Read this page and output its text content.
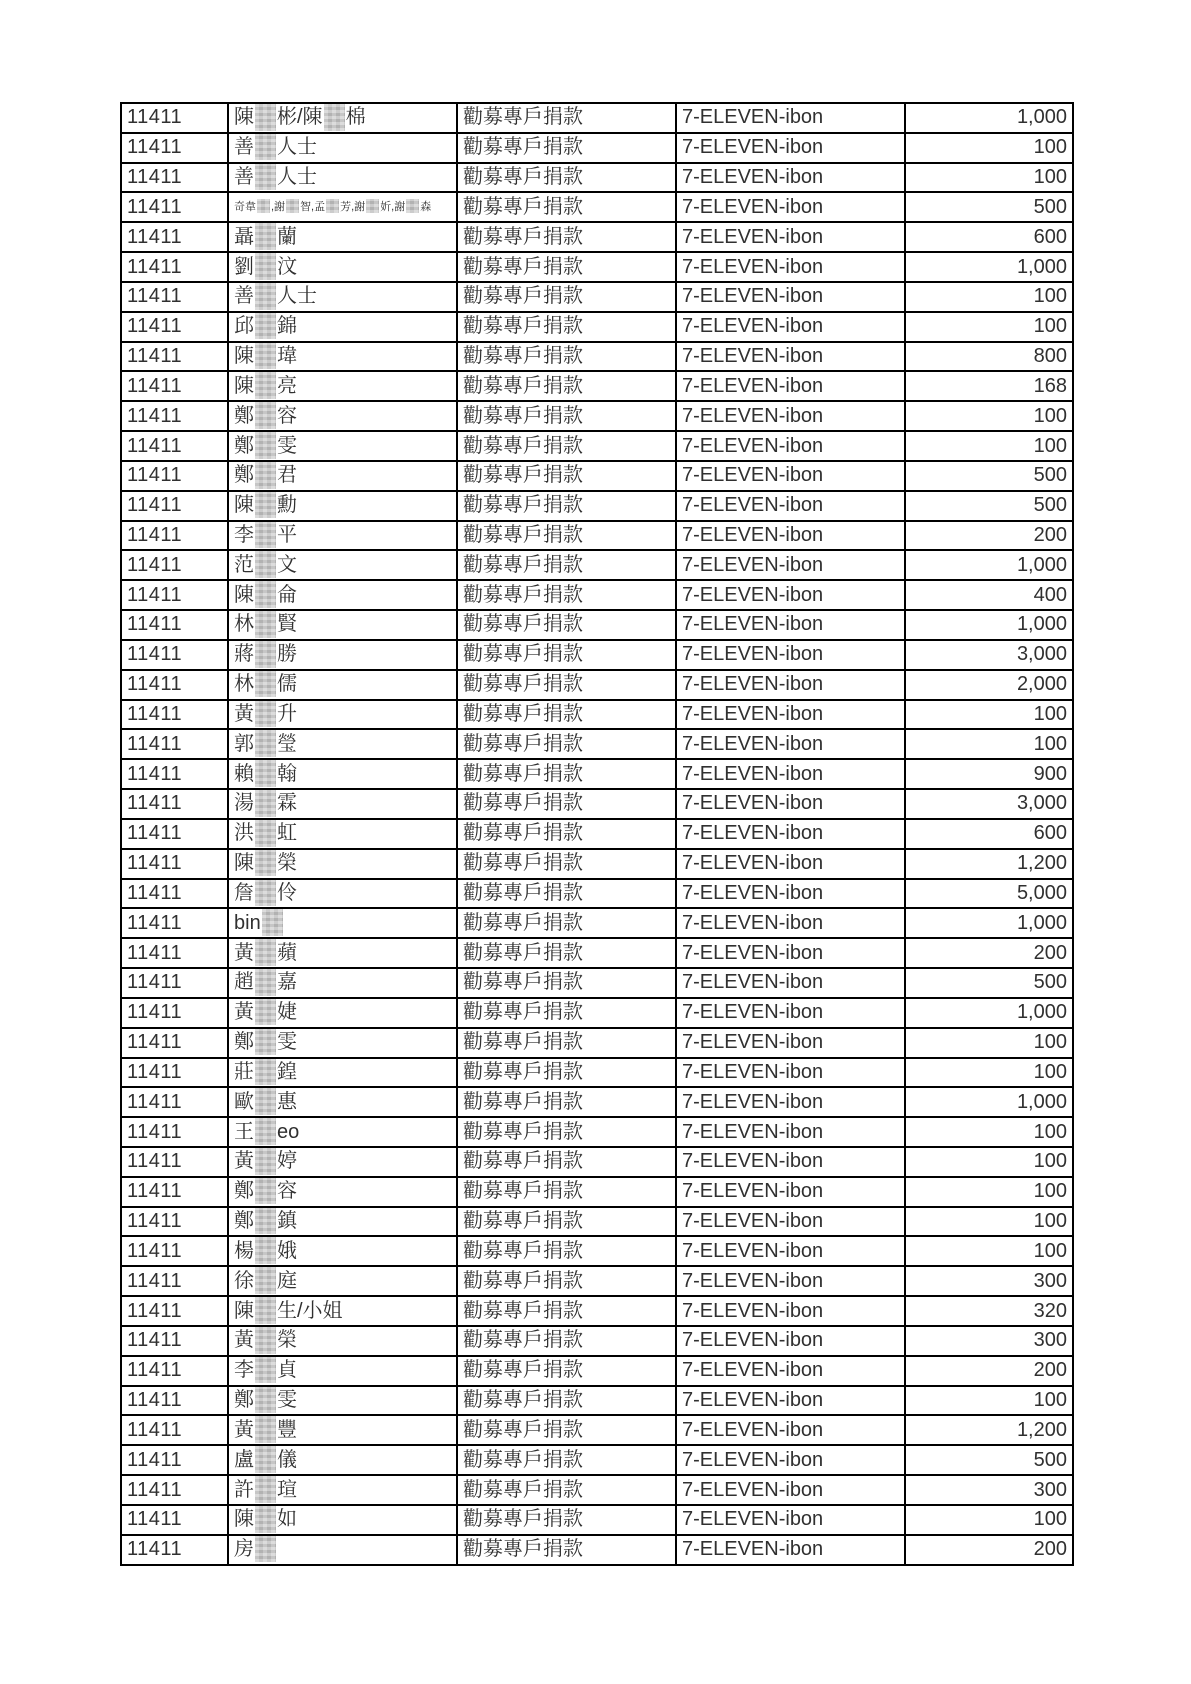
11411	陳 彬/陳 棉	勸募專戶捐款	7-ELEVEN-ibon	1,000
11411	善 人士	勸募專戶捐款	7-ELEVEN-ibon	100
11411	善 人士	勸募專戶捐款	7-ELEVEN-ibon	100
11411	奇韋 ,謝 智,孟 芳,謝 妡,謝 森	勸募專戶捐款	7-ELEVEN-ibon	500
11411	聶 蘭	勸募專戶捐款	7-ELEVEN-ibon	600
11411	劉 汶	勸募專戶捐款	7-ELEVEN-ibon	1,000
11411	善 人士	勸募專戶捐款	7-ELEVEN-ibon	100
11411	邱 錦	勸募專戶捐款	7-ELEVEN-ibon	100
11411	陳 瑋	勸募專戶捐款	7-ELEVEN-ibon	800
11411	陳 亮	勸募專戶捐款	7-ELEVEN-ibon	168
11411	鄭 容	勸募專戶捐款	7-ELEVEN-ibon	100
11411	鄭 雯	勸募專戶捐款	7-ELEVEN-ibon	100
11411	鄭 君	勸募專戶捐款	7-ELEVEN-ibon	500
11411	陳 勳	勸募專戶捐款	7-ELEVEN-ibon	500
11411	李 平	勸募專戶捐款	7-ELEVEN-ibon	200
11411	范 文	勸募專戶捐款	7-ELEVEN-ibon	1,000
11411	陳 侖	勸募專戶捐款	7-ELEVEN-ibon	400
11411	林 賢	勸募專戶捐款	7-ELEVEN-ibon	1,000
11411	蔣 勝	勸募專戶捐款	7-ELEVEN-ibon	3,000
11411	林 儒	勸募專戶捐款	7-ELEVEN-ibon	2,000
11411	黃 升	勸募專戶捐款	7-ELEVEN-ibon	100
11411	郭 瑩	勸募專戶捐款	7-ELEVEN-ibon	100
11411	賴 翰	勸募專戶捐款	7-ELEVEN-ibon	900
11411	湯 霖	勸募專戶捐款	7-ELEVEN-ibon	3,000
11411	洪 虹	勸募專戶捐款	7-ELEVEN-ibon	600
11411	陳 榮	勸募專戶捐款	7-ELEVEN-ibon	1,200
11411	詹 伶	勸募專戶捐款	7-ELEVEN-ibon	5,000
11411	bin	勸募專戶捐款	7-ELEVEN-ibon	1,000
11411	黃 蘋	勸募專戶捐款	7-ELEVEN-ibon	200
11411	趙 嘉	勸募專戶捐款	7-ELEVEN-ibon	500
11411	黃 婕	勸募專戶捐款	7-ELEVEN-ibon	1,000
11411	鄭 雯	勸募專戶捐款	7-ELEVEN-ibon	100
11411	莊 鍠	勸募專戶捐款	7-ELEVEN-ibon	100
11411	歐 惠	勸募專戶捐款	7-ELEVEN-ibon	1,000
11411	王 eo	勸募專戶捐款	7-ELEVEN-ibon	100
11411	黃 婷	勸募專戶捐款	7-ELEVEN-ibon	100
11411	鄭 容	勸募專戶捐款	7-ELEVEN-ibon	100
11411	鄭 鎮	勸募專戶捐款	7-ELEVEN-ibon	100
11411	楊 娥	勸募專戶捐款	7-ELEVEN-ibon	100
11411	徐 庭	勸募專戶捐款	7-ELEVEN-ibon	300
11411	陳 生/小姐	勸募專戶捐款	7-ELEVEN-ibon	320
11411	黃 榮	勸募專戶捐款	7-ELEVEN-ibon	300
11411	李 貞	勸募專戶捐款	7-ELEVEN-ibon	200
11411	鄭 雯	勸募專戶捐款	7-ELEVEN-ibon	100
11411	黃 豐	勸募專戶捐款	7-ELEVEN-ibon	1,200
11411	盧 儀	勸募專戶捐款	7-ELEVEN-ibon	500
11411	許 瑄	勸募專戶捐款	7-ELEVEN-ibon	300
11411	陳 如	勸募專戶捐款	7-ELEVEN-ibon	100
11411	房	勸募專戶捐款	7-ELEVEN-ibon	200
